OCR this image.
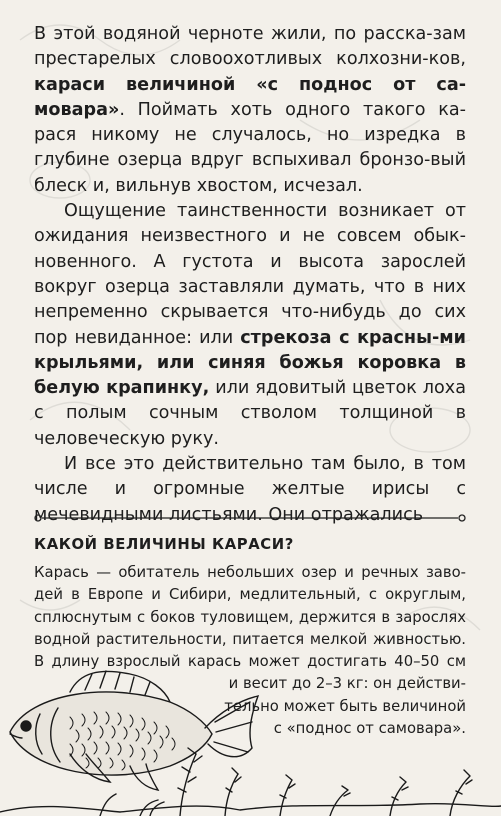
В этой водяной черноте жили, по расска-зам престарелых словоохотливых колхозни-ков, караси величиной «с поднос от са-мовара». Поймать хоть одного такого ка-рася никому не случалось, но изредка в глубине озерца вдруг вспыхивал бронзо-вый блеск и, вильнув хвостом, исчезал.

Ощущение таинственности возникает от ожидания неизвестного и не совсем обык-новенного. А густота и высота зарослей вокруг озерца заставляли думать, что в них непременно скрывается что-нибудь до сих пор невиданное: или стрекоза с красны-ми крыльями, или синяя божья коровка в белую крапинку, или ядовитый цветок лоха с полым сочным стволом толщиной в человеческую руку.

И все это действительно там было, в том числе и огромные желтые ирисы с мечевидными листьями. Они отражались

КАКОЙ ВЕЛИЧИНЫ КАРАСИ?
Карась — обитатель небольших озер и речных заво-
дей в Европе и Сибири, медлительный, с округлым,
сплюснутым с боков туловищем, держится в зарослях
водной растительности, питается мелкой живностью.
В длину взрослый карась может достигать 40–50 см
и весит до 2–3 кг: он действи-
тельно может быть величиной
с «поднос от самовара».
